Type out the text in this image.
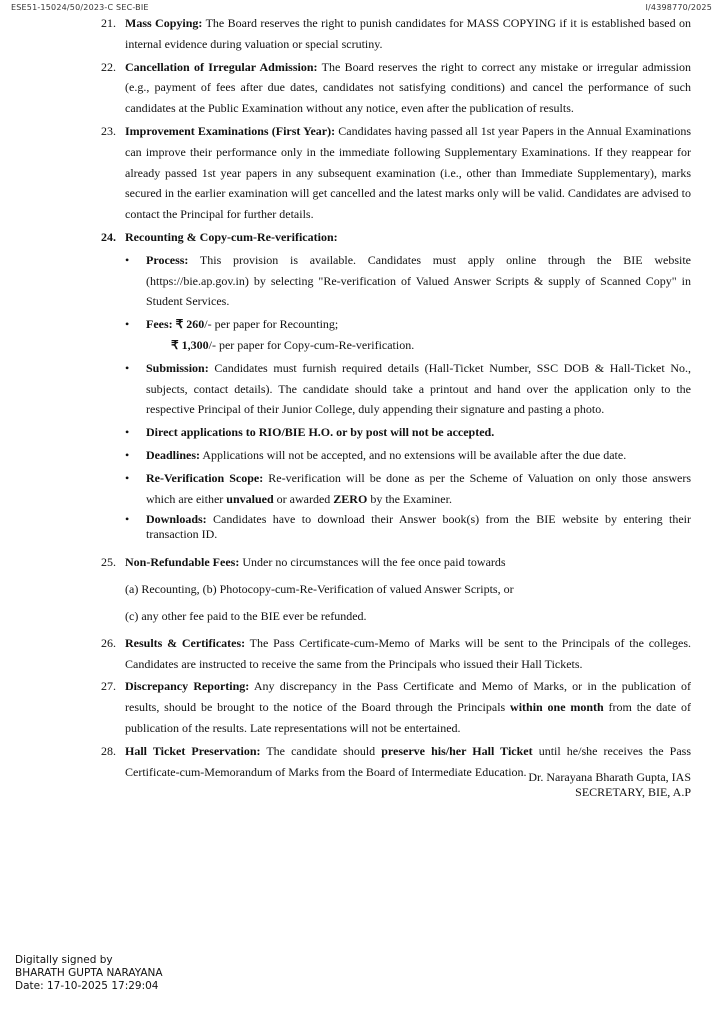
ESE51-15024/50/2023-C SEC-BIE	I/4398770/2025
21. Mass Copying: The Board reserves the right to punish candidates for MASS COPYING if it is established based on internal evidence during valuation or special scrutiny.

22. Cancellation of Irregular Admission: The Board reserves the right to correct any mistake or irregular admission (e.g., payment of fees after due dates, candidates not satisfying conditions) and cancel the performance of such candidates at the Public Examination without any notice, even after the publication of results.

23. Improvement Examinations (First Year): Candidates having passed all 1st year Papers in the Annual Examinations can improve their performance only in the immediate following Supplementary Examinations. If they reappear for already passed 1st year papers in any subsequent examination (i.e., other than Immediate Supplementary), marks secured in the earlier examination will get cancelled and the latest marks only will be valid. Candidates are advised to contact the Principal for further details.

24. Recounting & Copy-cum-Re-verification:

• Process: This provision is available. Candidates must apply online through the BIE website (https://bie.ap.gov.in) by selecting "Re-verification of Valued Answer Scripts & supply of Scanned Copy" in Student Services.
• Fees: ₹ 260/- per paper for Recounting;
₹ 1,300/- per paper for Copy-cum-Re-verification.
• Submission: Candidates must furnish required details (Hall-Ticket Number, SSC DOB & Hall-Ticket No., subjects, contact details). The candidate should take a printout and hand over the application only to the respective Principal of their Junior College, duly appending their signature and pasting a photo.
• Direct applications to RIO/BIE H.O. or by post will not be accepted.
• Deadlines: Applications will not be accepted, and no extensions will be available after the due date.
• Re-Verification Scope: Re-verification will be done as per the Scheme of Valuation on only those answers which are either unvalued or awarded ZERO by the Examiner.
• Downloads: Candidates have to download their Answer book(s) from the BIE website by entering their transaction ID.
25. Non-Refundable Fees: Under no circumstances will the fee once paid towards

(a) Recounting, (b) Photocopy-cum-Re-Verification of valued Answer Scripts, or

(c) any other fee paid to the BIE ever be refunded.

26. Results & Certificates: The Pass Certificate-cum-Memo of Marks will be sent to the Principals of the colleges. Candidates are instructed to receive the same from the Principals who issued their Hall Tickets.

27. Discrepancy Reporting: Any discrepancy in the Pass Certificate and Memo of Marks, or in the publication of results, should be brought to the notice of the Board through the Principals within one month from the date of publication of the results. Late representations will not be entertained.

28. Hall Ticket Preservation: The candidate should preserve his/her Hall Ticket until he/she receives the Pass Certificate-cum-Memorandum of Marks from the Board of Intermediate Education. Dr. Narayana Bharath Gupta, IAS
SECRETARY, BIE, A.P
Digitally signed by
BHARATH GUPTA NARAYANA
Date: 17-10-2025 17:29:04
